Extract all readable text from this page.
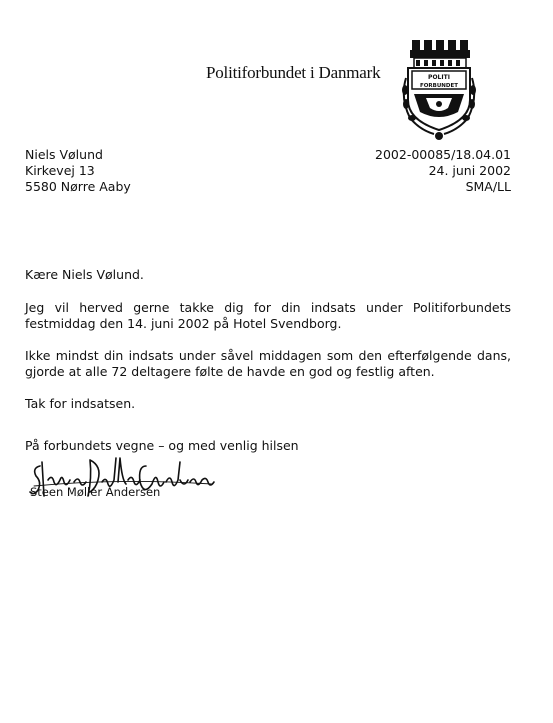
Politiforbundet i Danmark	POLITI
FORBUNDET
Niels Vølund
Kirkevej 13
5580 Nørre Aaby
2002-00085/18.04.01
24. juni 2002
SMA/LL
Kære Niels Vølund.
Jeg vil herved gerne takke dig for din indsats under Politiforbundets festmiddag den 14. juni 2002 på Hotel Svendborg.
Ikke mindst din indsats under såvel middagen som den efterfølgende dans, gjorde at alle 72 deltagere følte de havde en god og festlig aften.
Tak for indsatsen.
På forbundets vegne – og med venlig hilsen
Steen Møller Andersen
